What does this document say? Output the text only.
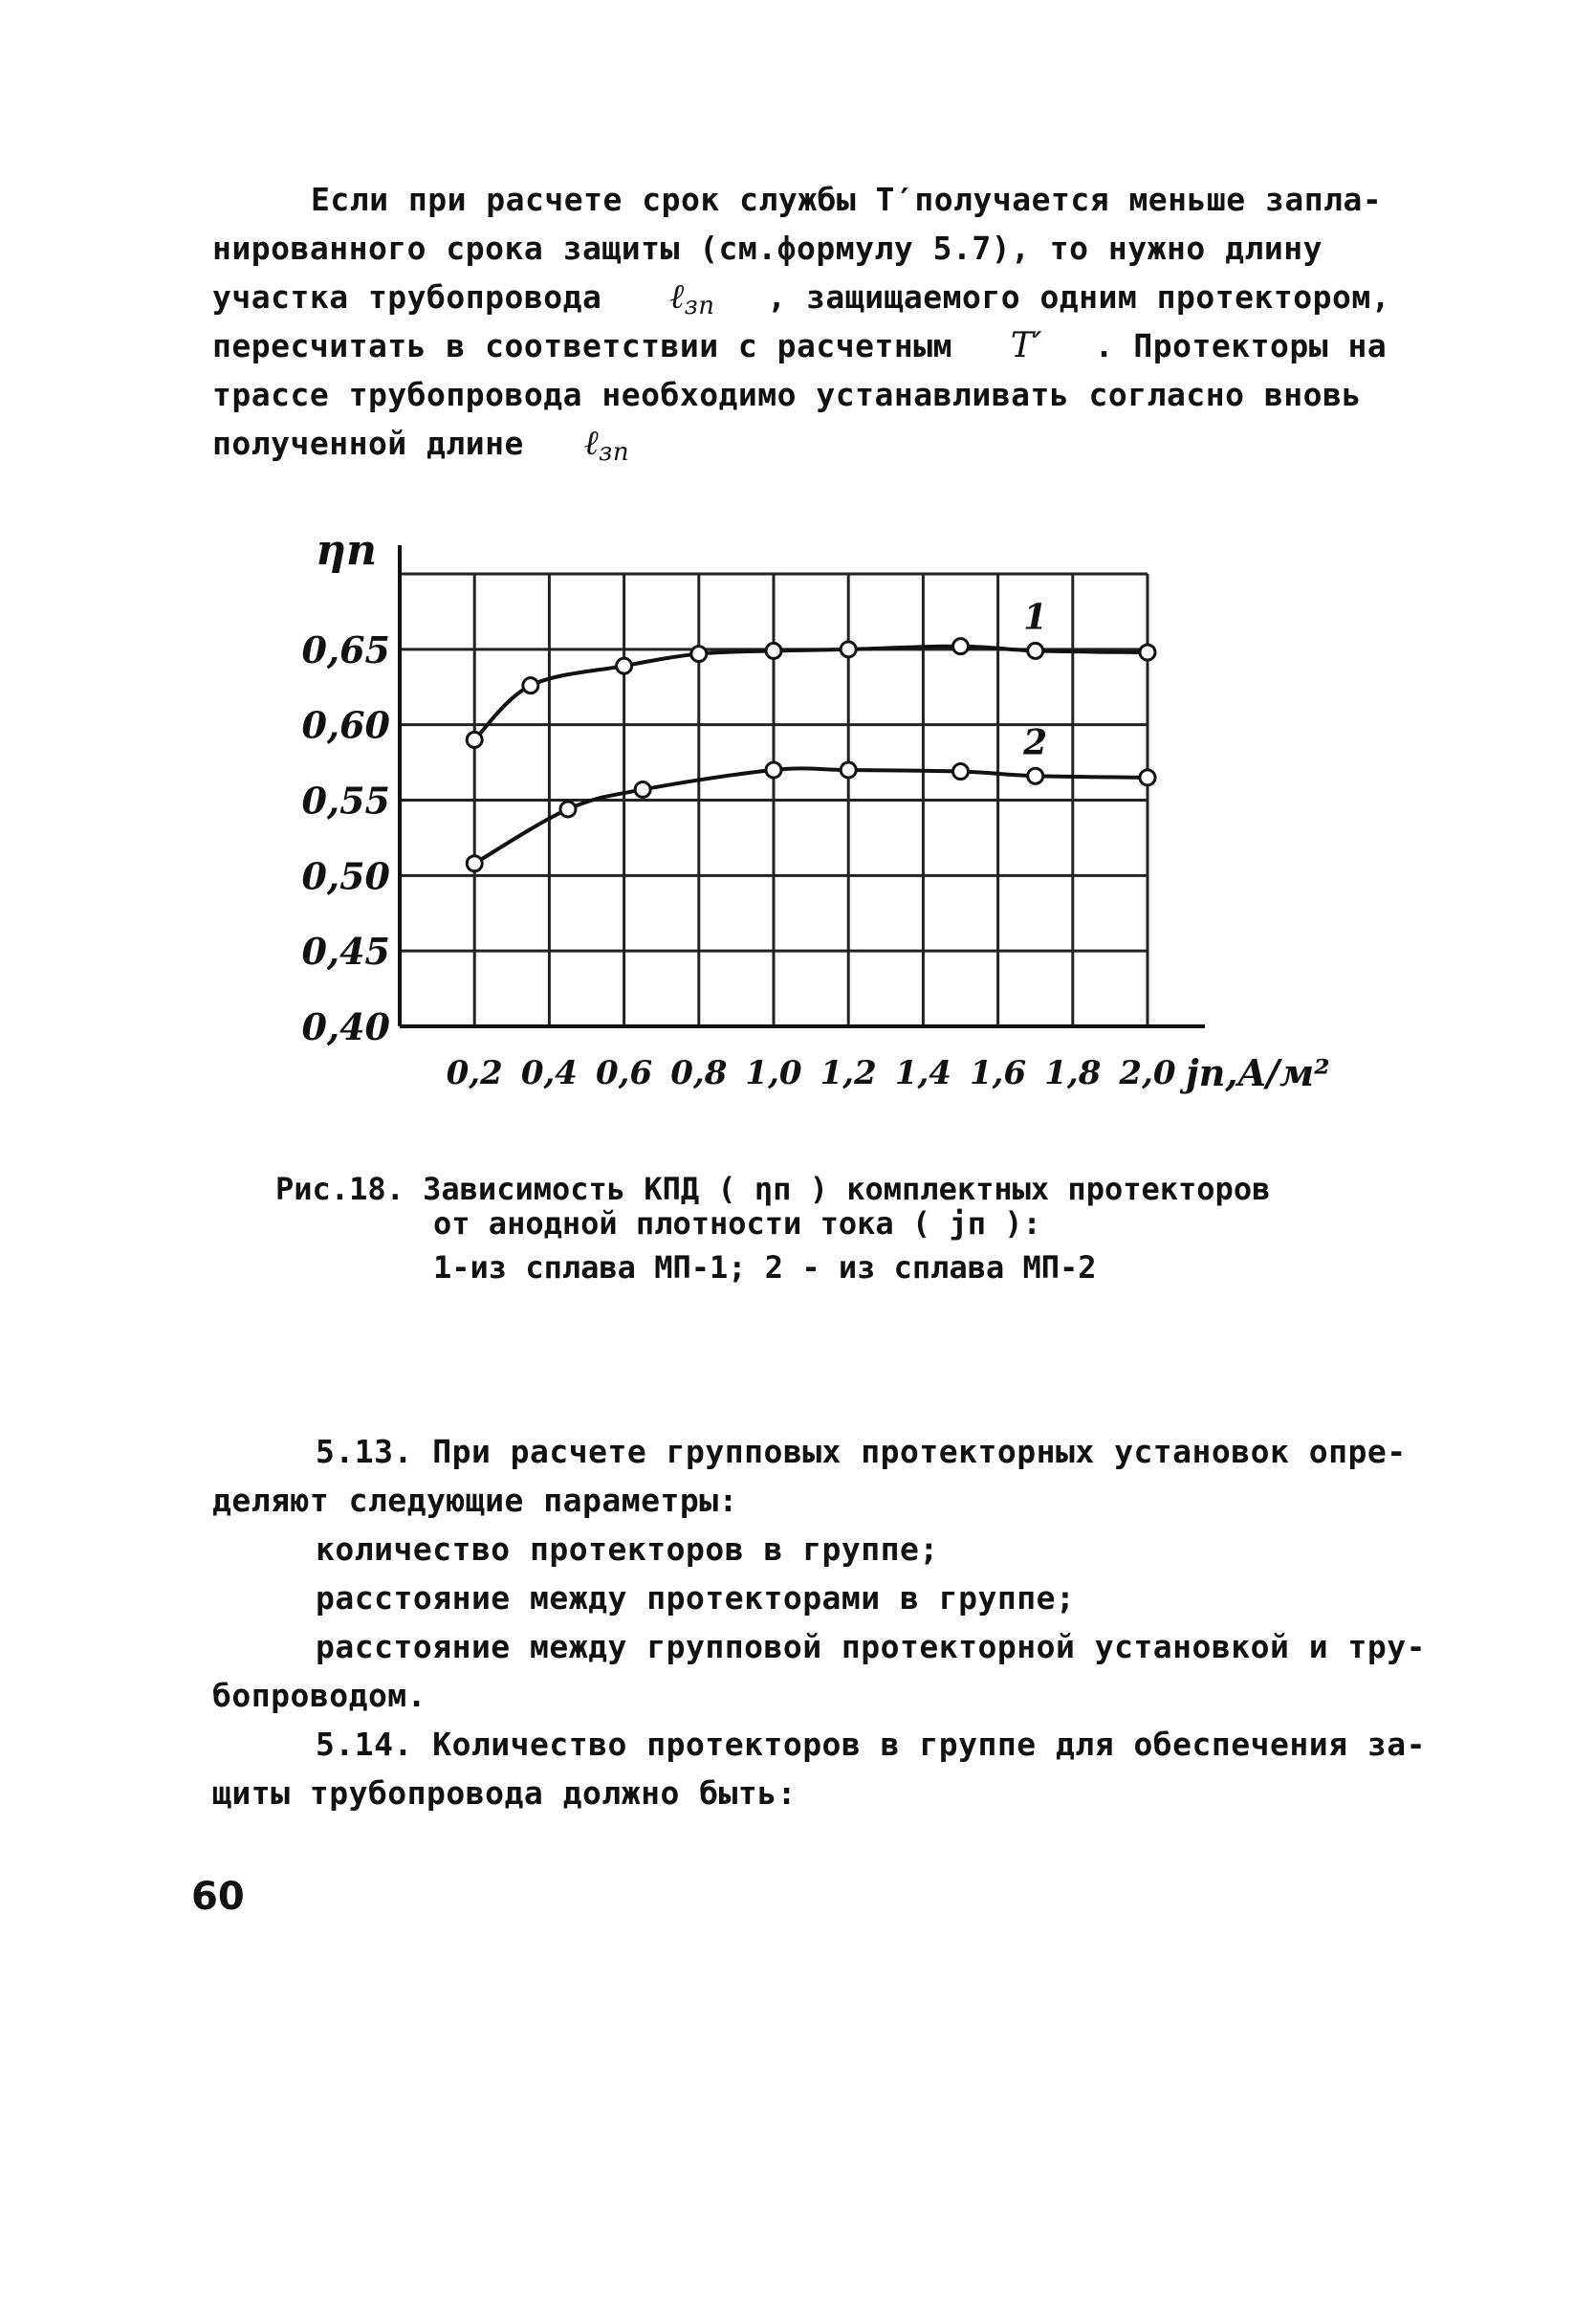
Если при расчете срок службы Т′получается меньше запла-
нированного срока защиты (см.формулу 5.7), то нужно длину
участка трубопровода ℓ$_{зп}$ , защищаемого одним протектором,
пересчитать в соответствии с расчетным T′ . Протекторы на
трассе трубопровода необходимо устанавливать согласно вновь
полученной длине ℓ$_{зп}$
0,40
0,45
0,50
0,55
0,60
0,65
0,2 0,4 0,6 0,8 1,0 1,2 1,4 1,6 1,8 2,0
ηп
jп,A/м²
1
2
Рис.18. Зависимость КПД ( ηп ) комплектных протекторов
от анодной плотности тока ( jп ):
1-из сплава МП-1; 2 - из сплава МП-2
5.13. При расчете групповых протекторных установок опре-
деляют следующие параметры:
количество протекторов в группе;
расстояние между протекторами в группе;
расстояние между групповой протекторной установкой и тру-
бопроводом.
5.14. Количество протекторов в группе для обеспечения за-
щиты трубопровода должно быть:
60
